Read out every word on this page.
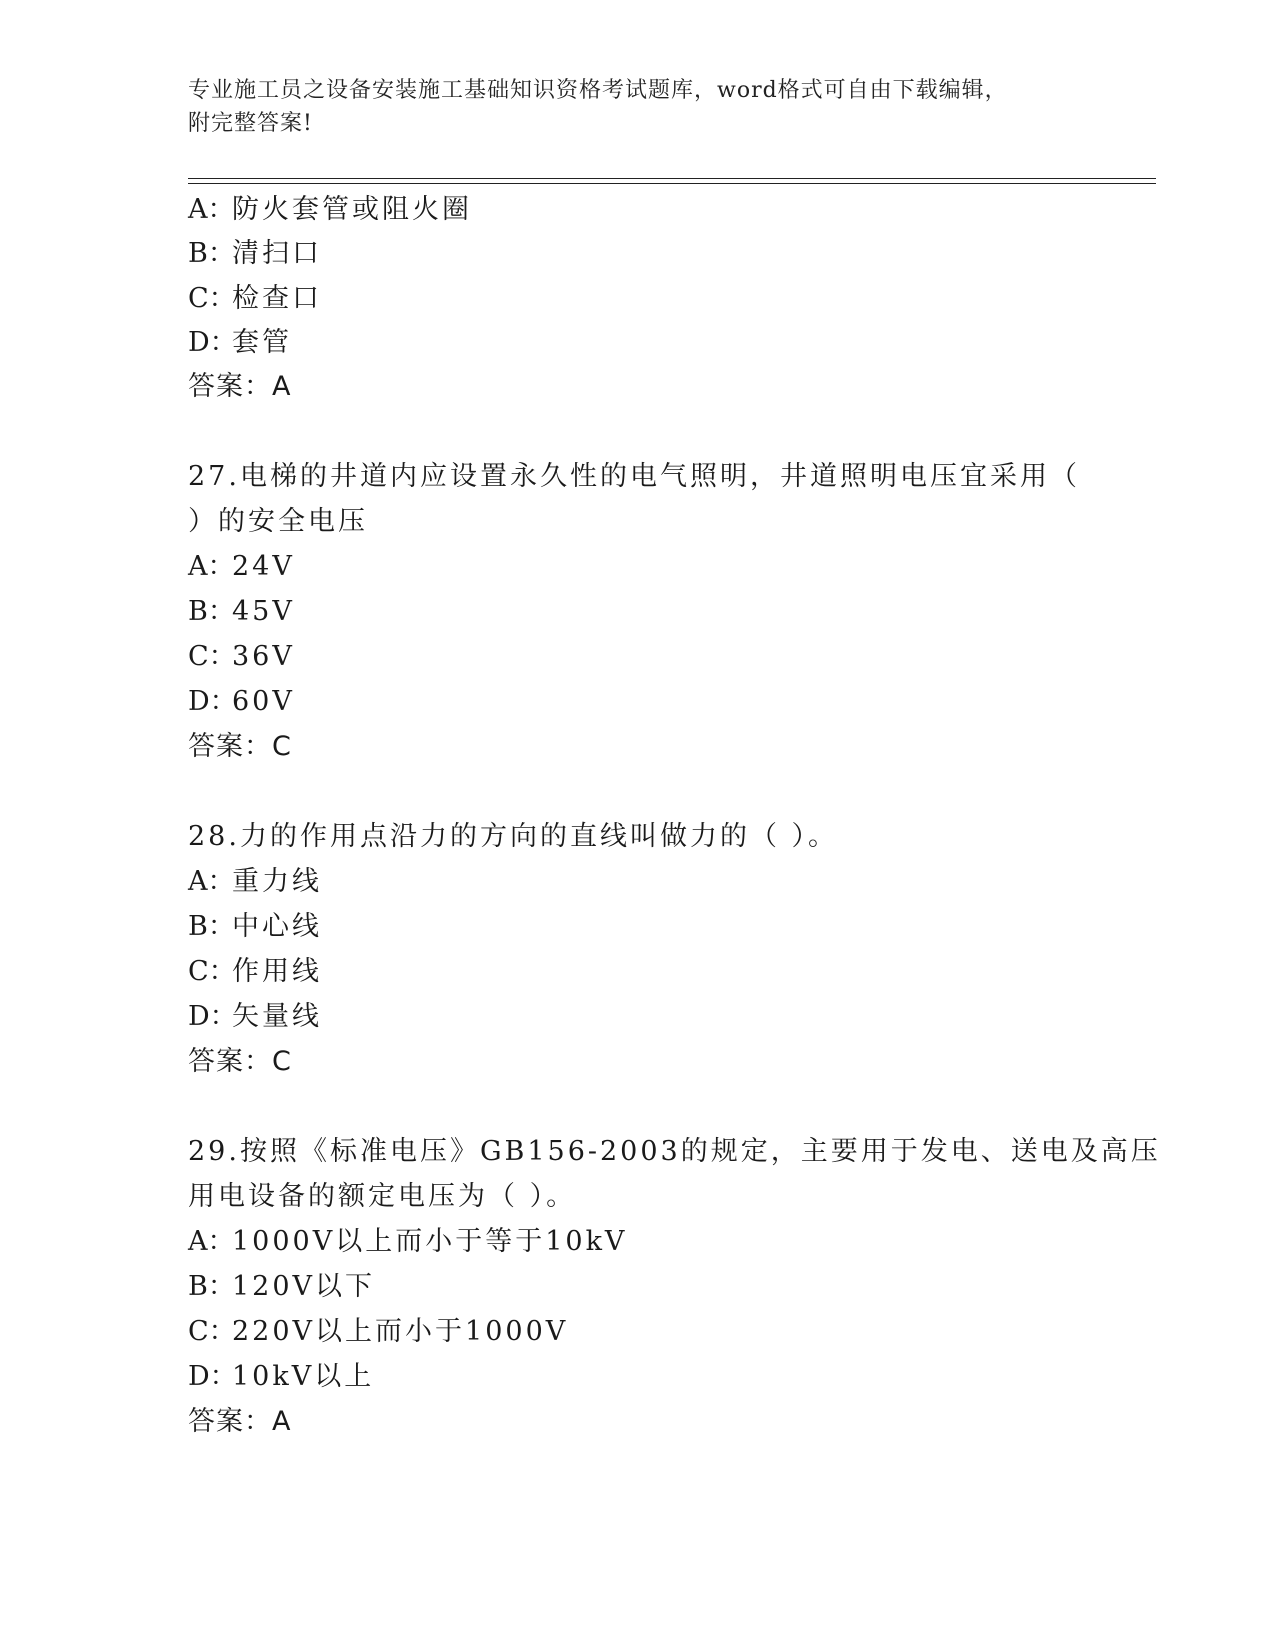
专业施工员之设备安装施工基础知识资格考试题库，word格式可自由下载编辑，
附完整答案!
A：防火套管或阻火圈
B：清扫口
C：检查口
D：套管
答案：A
27.电梯的井道内应设置永久性的电气照明，井道照明电压宜采用（
）的安全电压
A：24V
B：45V
C：36V
D：60V
答案：C
28.力的作用点沿力的方向的直线叫做力的（ ）。
A：重力线
B：中心线
C：作用线
D：矢量线
答案：C
29.按照《标准电压》GB156-2003的规定，主要用于发电、送电及高压
用电设备的额定电压为（ ）。
A：1000V以上而小于等于10kV
B：120V以下
C：220V以上而小于1000V
D：10kV以上
答案：A
